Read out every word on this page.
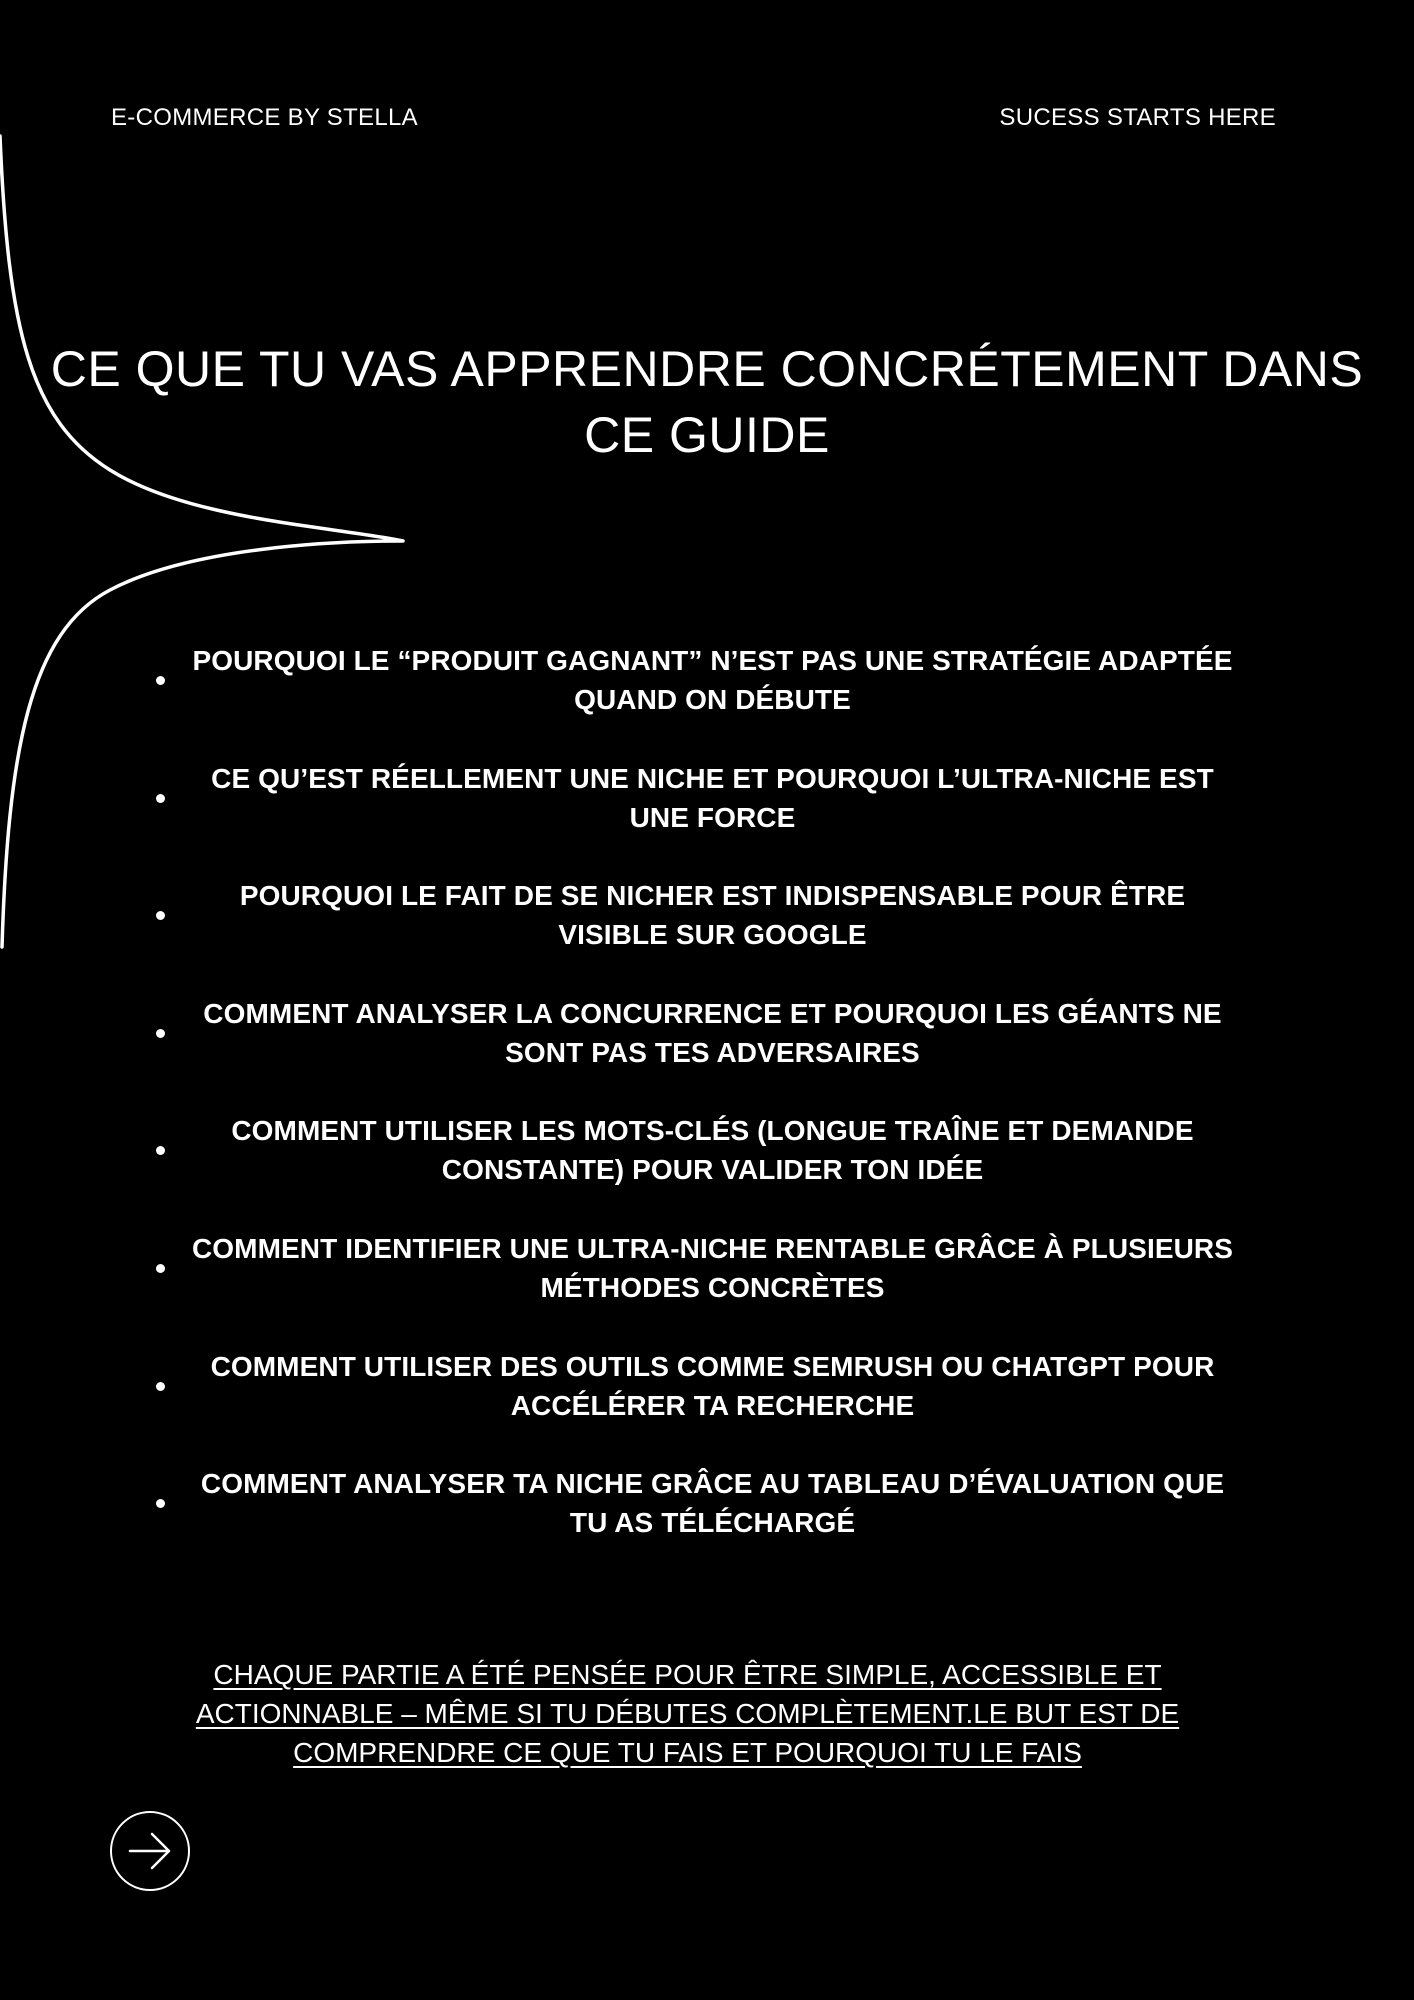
E-COMMERCE BY STELLA	SUCESS STARTS HERE
CE QUE TU VAS APPRENDRE CONCRÉTEMENT DANS CE GUIDE
POURQUOI LE “PRODUIT GAGNANT” N’EST PAS UNE STRATÉGIE ADAPTÉE QUAND ON DÉBUTE
CE QU’EST RÉELLEMENT UNE NICHE ET POURQUOI L’ULTRA-NICHE EST UNE FORCE
POURQUOI LE FAIT DE SE NICHER EST INDISPENSABLE POUR ÊTRE VISIBLE SUR GOOGLE
COMMENT ANALYSER LA CONCURRENCE ET POURQUOI LES GÉANTS NE SONT PAS TES ADVERSAIRES
COMMENT UTILISER LES MOTS-CLÉS (LONGUE TRAÎNE ET DEMANDE CONSTANTE) POUR VALIDER TON IDÉE
COMMENT IDENTIFIER UNE ULTRA-NICHE RENTABLE GRÂCE À PLUSIEURS MÉTHODES CONCRÈTES
COMMENT UTILISER DES OUTILS COMME SEMRUSH OU CHATGPT POUR ACCÉLÉRER TA RECHERCHE
COMMENT ANALYSER TA NICHE GRÂCE AU TABLEAU D’ÉVALUATION QUE TU AS TÉLÉCHARGÉ

CHAQUE PARTIE A ÉTÉ PENSÉE POUR ÊTRE SIMPLE, ACCESSIBLE ET ACTIONNABLE – MÊME SI TU DÉBUTES COMPLÈTEMENT.LE BUT EST DE COMPRENDRE CE QUE TU FAIS ET POURQUOI TU LE FAIS
